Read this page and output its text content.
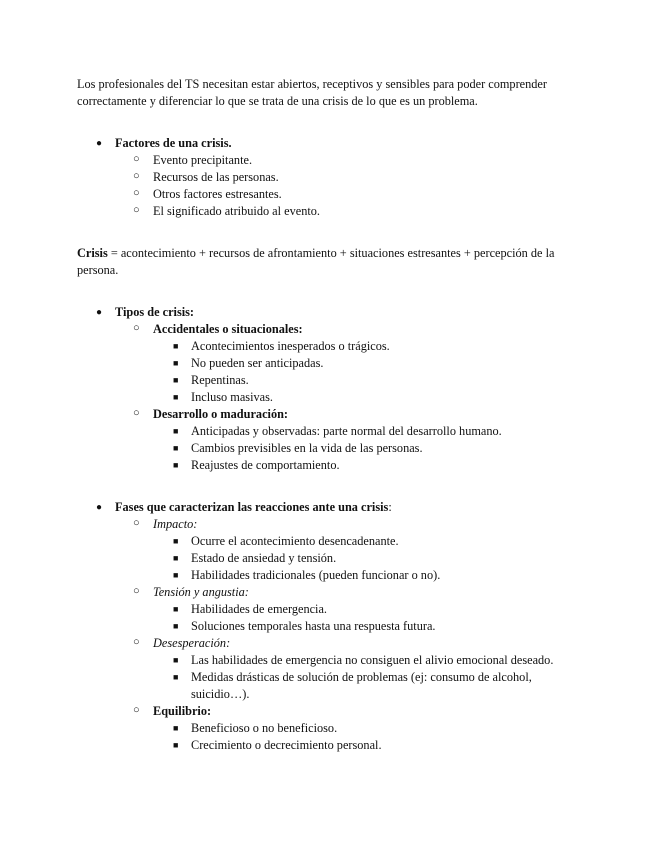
Los profesionales del TS necesitan estar abiertos, receptivos y sensibles para poder comprender correctamente y diferenciar lo que se trata de una crisis de lo que es un problema.

● Factores de una crisis.
○ Evento precipitante.
○ Recursos de las personas.
○ Otros factores estresantes.
○ El significado atribuido al evento.

Crisis = acontecimiento + recursos de afrontamiento + situaciones estresantes + percepción de la persona.

● Tipos de crisis:
○ Accidentales o situacionales:
■ Acontecimientos inesperados o trágicos.
■ No pueden ser anticipadas.
■ Repentinas.
■ Incluso masivas.
○ Desarrollo o maduración:
■ Anticipadas y observadas: parte normal del desarrollo humano.
■ Cambios previsibles en la vida de las personas.
■ Reajustes de comportamiento.
● Fases que caracterizan las reacciones ante una crisis:
○ Impacto:
■ Ocurre el acontecimiento desencadenante.
■ Estado de ansiedad y tensión.
■ Habilidades tradicionales (pueden funcionar o no).
○ Tensión y angustia:
■ Habilidades de emergencia.
■ Soluciones temporales hasta una respuesta futura.
○ Desesperación:
■ Las habilidades de emergencia no consiguen el alivio emocional deseado.
■ Medidas drásticas de solución de problemas (ej: consumo de alcohol, suicidio…).
○ Equilibrio:
■ Beneficioso o no beneficioso.
■ Crecimiento o decrecimiento personal.
